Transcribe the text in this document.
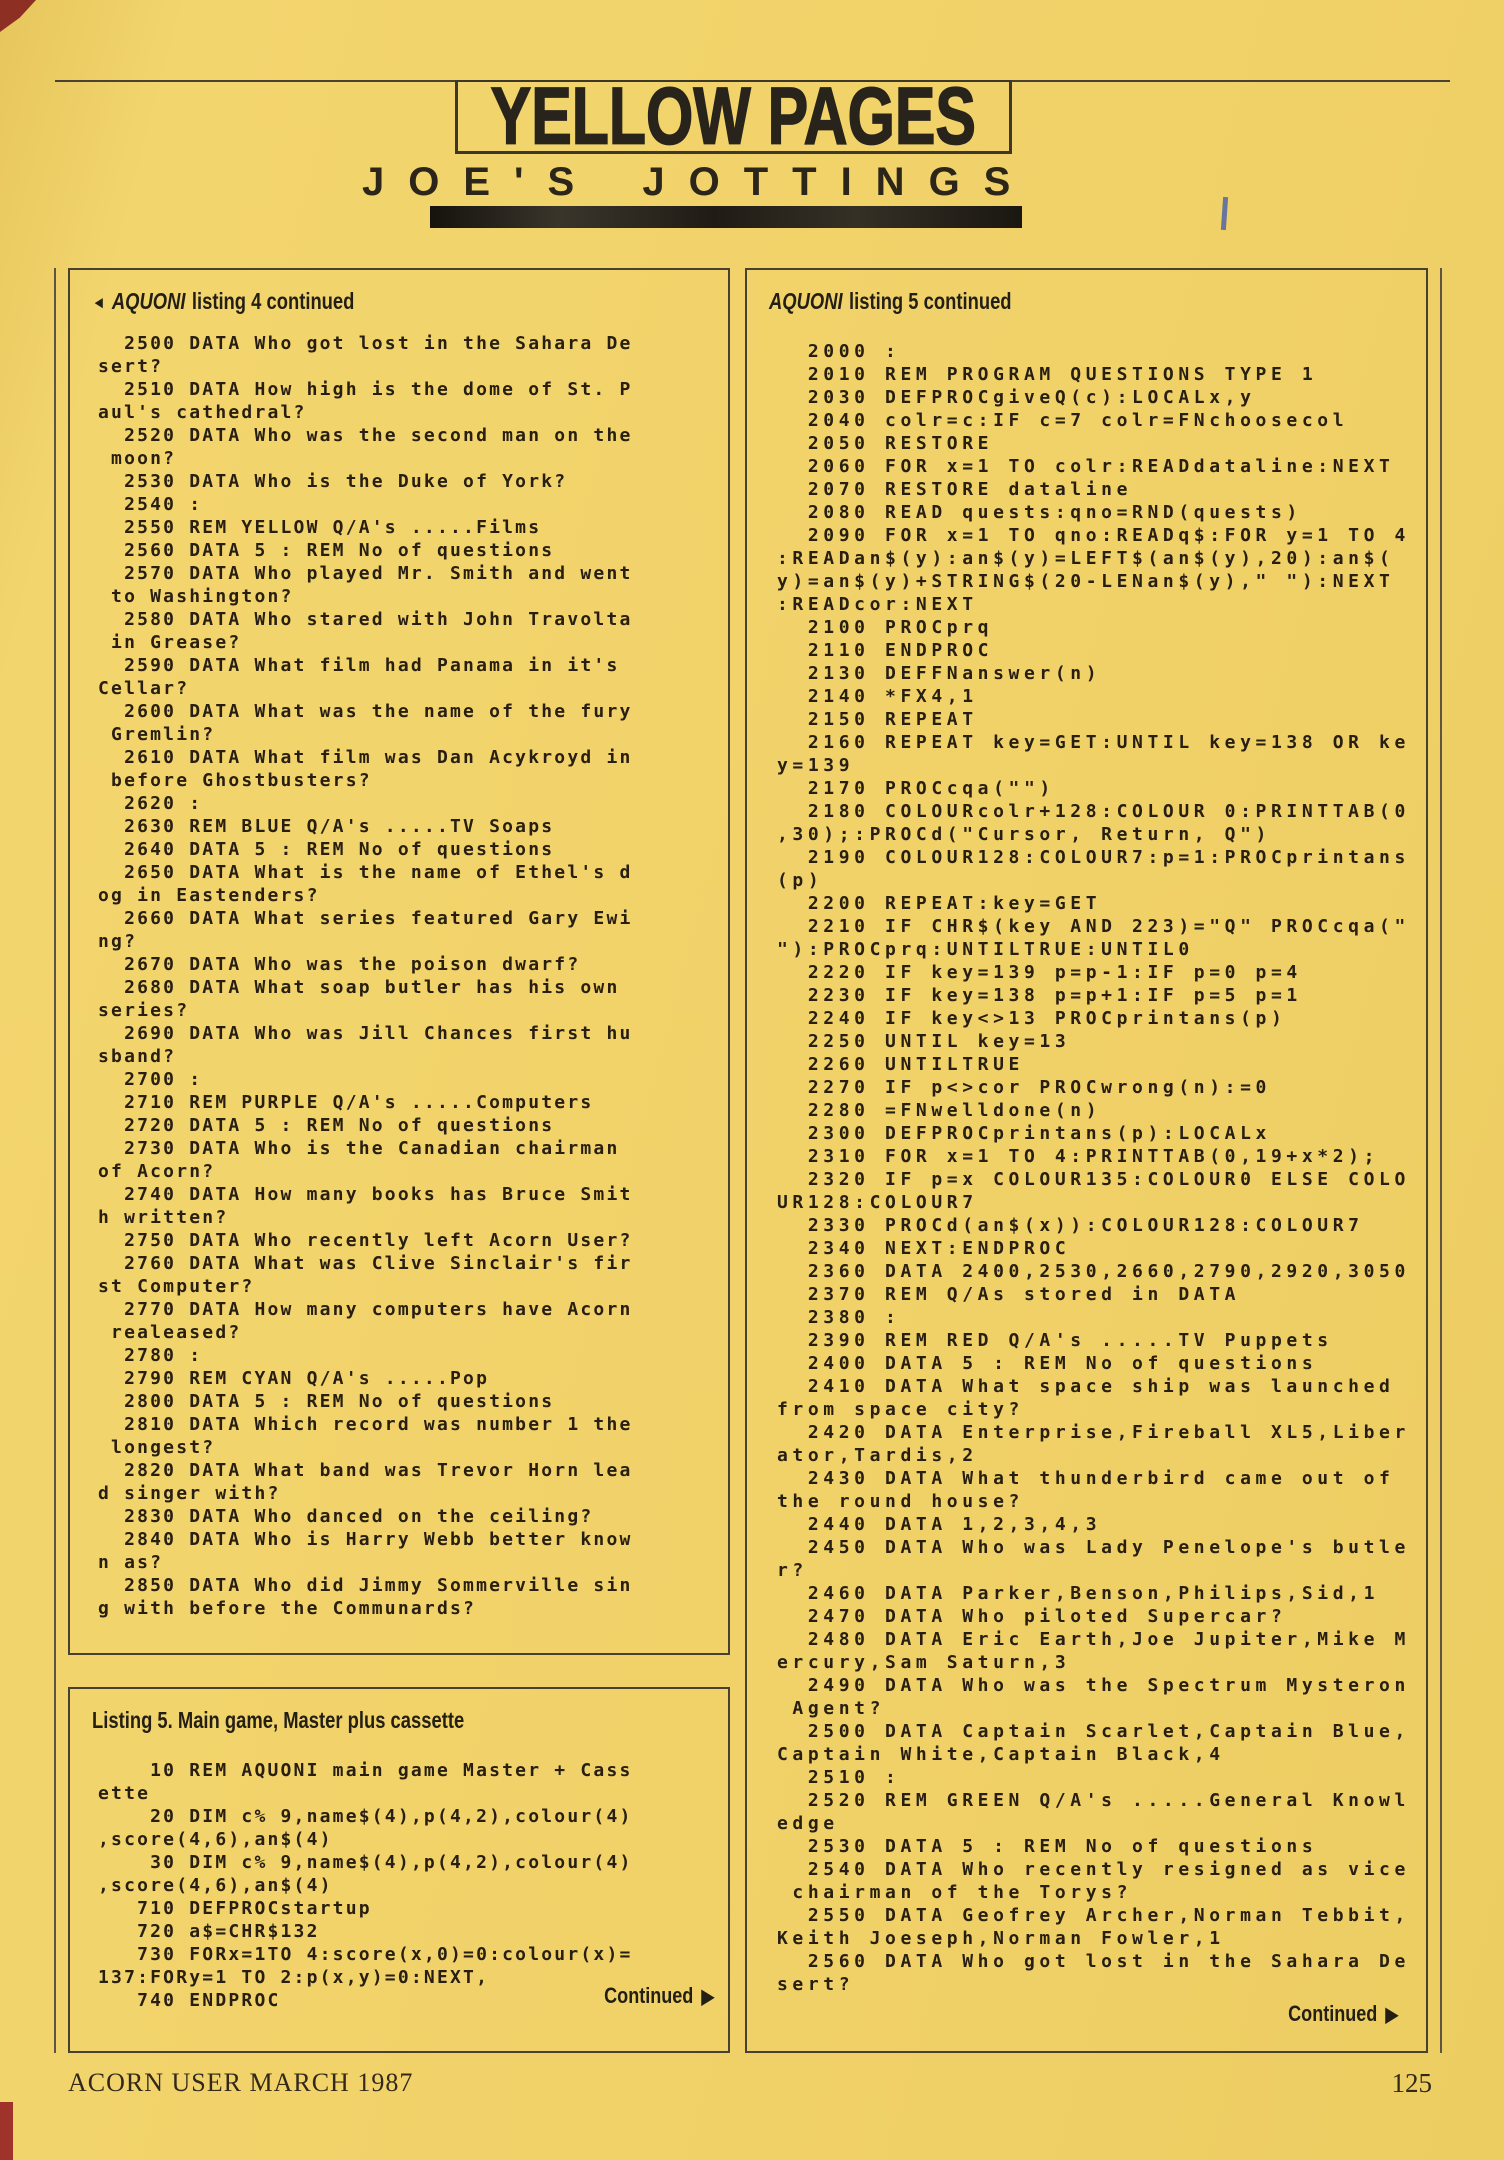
YELLOW PAGES
JOE'S JOTTINGS
◄ AQUONI listing 4 continued
2500 DATA Who got lost in the Sahara De
sert?
2510 DATA How high is the dome of St. P
aul's cathedral?
2520 DATA Who was the second man on the
moon?
2530 DATA Who is the Duke of York?
2540 :
2550 REM YELLOW Q/A's .....Films
2560 DATA 5 : REM No of questions
2570 DATA Who played Mr. Smith and went
to Washington?
2580 DATA Who stared with John Travolta
in Grease?
2590 DATA What film had Panama in it's
Cellar?
2600 DATA What was the name of the fury
Gremlin?
2610 DATA What film was Dan Acykroyd in
before Ghostbusters?
2620 :
2630 REM BLUE Q/A's .....TV Soaps
2640 DATA 5 : REM No of questions
2650 DATA What is the name of Ethel's d
og in Eastenders?
2660 DATA What series featured Gary Ewi
ng?
2670 DATA Who was the poison dwarf?
2680 DATA What soap butler has his own
series?
2690 DATA Who was Jill Chances first hu
sband?
2700 :
2710 REM PURPLE Q/A's .....Computers
2720 DATA 5 : REM No of questions
2730 DATA Who is the Canadian chairman
of Acorn?
2740 DATA How many books has Bruce Smit
h written?
2750 DATA Who recently left Acorn User?
2760 DATA What was Clive Sinclair's fir
st Computer?
2770 DATA How many computers have Acorn
realeased?
2780 :
2790 REM CYAN Q/A's .....Pop
2800 DATA 5 : REM No of questions
2810 DATA Which record was number 1 the
longest?
2820 DATA What band was Trevor Horn lea
d singer with?
2830 DATA Who danced on the ceiling?
2840 DATA Who is Harry Webb better know
n as?
2850 DATA Who did Jimmy Sommerville sin
g with before the Communards?
Listing 5. Main game, Master plus cassette
10 REM AQUONI main game Master + Cass
ette
20 DIM c% 9,name$(4),p(4,2),colour(4)
,score(4,6),an$(4)
30 DIM c% 9,name$(4),p(4,2),colour(4)
,score(4,6),an$(4)
710 DEFPROCstartup
720 a$=CHR$132
730 FORx=1TO 4:score(x,0)=0:colour(x)=
137:FORy=1 TO 2:p(x,y)=0:NEXT,
740 ENDPROC	Continued ▶
AQUONI listing 5 continued
2000 :
2010 REM PROGRAM QUESTIONS TYPE 1
2030 DEFPROCgiveQ(c):LOCALx,y
2040 colr=c:IF c=7 colr=FNchoosecol
2050 RESTORE
2060 FOR x=1 TO colr:READdataline:NEXT
2070 RESTORE dataline
2080 READ quests:qno=RND(quests)
2090 FOR x=1 TO qno:READq$:FOR y=1 TO 4
:READan$(y):an$(y)=LEFT$(an$(y),20):an$(
y)=an$(y)+STRING$(20-LENan$(y)," "):NEXT
:READcor:NEXT
2100 PROCprq
2110 ENDPROC
2130 DEFFNanswer(n)
2140 *FX4,1
2150 REPEAT
2160 REPEAT key=GET:UNTIL key=138 OR ke
y=139
2170 PROCcqa("")
2180 COLOURcolr+128:COLOUR 0:PRINTTAB(0
,30);:PROCd("Cursor, Return, Q")
2190 COLOUR128:COLOUR7:p=1:PROCprintans
(p)
2200 REPEAT:key=GET
2210 IF CHR$(key AND 223)="Q" PROCcqa("
"):PROCprq:UNTILTRUE:UNTIL0
2220 IF key=139 p=p-1:IF p=0 p=4
2230 IF key=138 p=p+1:IF p=5 p=1
2240 IF key<>13 PROCprintans(p)
2250 UNTIL key=13
2260 UNTILTRUE
2270 IF p<>cor PROCwrong(n):=0
2280 =FNwelldone(n)
2300 DEFPROCprintans(p):LOCALx
2310 FOR x=1 TO 4:PRINTTAB(0,19+x*2);
2320 IF p=x COLOUR135:COLOUR0 ELSE COLO
UR128:COLOUR7
2330 PROCd(an$(x)):COLOUR128:COLOUR7
2340 NEXT:ENDPROC
2360 DATA 2400,2530,2660,2790,2920,3050
2370 REM Q/As stored in DATA
2380 :
2390 REM RED Q/A's .....TV Puppets
2400 DATA 5 : REM No of questions
2410 DATA What space ship was launched
from space city?
2420 DATA Enterprise,Fireball XL5,Liber
ator,Tardis,2
2430 DATA What thunderbird came out of
the round house?
2440 DATA 1,2,3,4,3
2450 DATA Who was Lady Penelope's butle
r?
2460 DATA Parker,Benson,Philips,Sid,1
2470 DATA Who piloted Supercar?
2480 DATA Eric Earth,Joe Jupiter,Mike M
ercury,Sam Saturn,3
2490 DATA Who was the Spectrum Mysteron
Agent?
2500 DATA Captain Scarlet,Captain Blue,
Captain White,Captain Black,4
2510 :
2520 REM GREEN Q/A's .....General Knowl
edge
2530 DATA 5 : REM No of questions
2540 DATA Who recently resigned as vice
chairman of the Torys?
2550 DATA Geofrey Archer,Norman Tebbit,
Keith Joeseph,Norman Fowler,1
2560 DATA Who got lost in the Sahara De
sert?
Continued ▶
ACORN USER MARCH 1987	125
